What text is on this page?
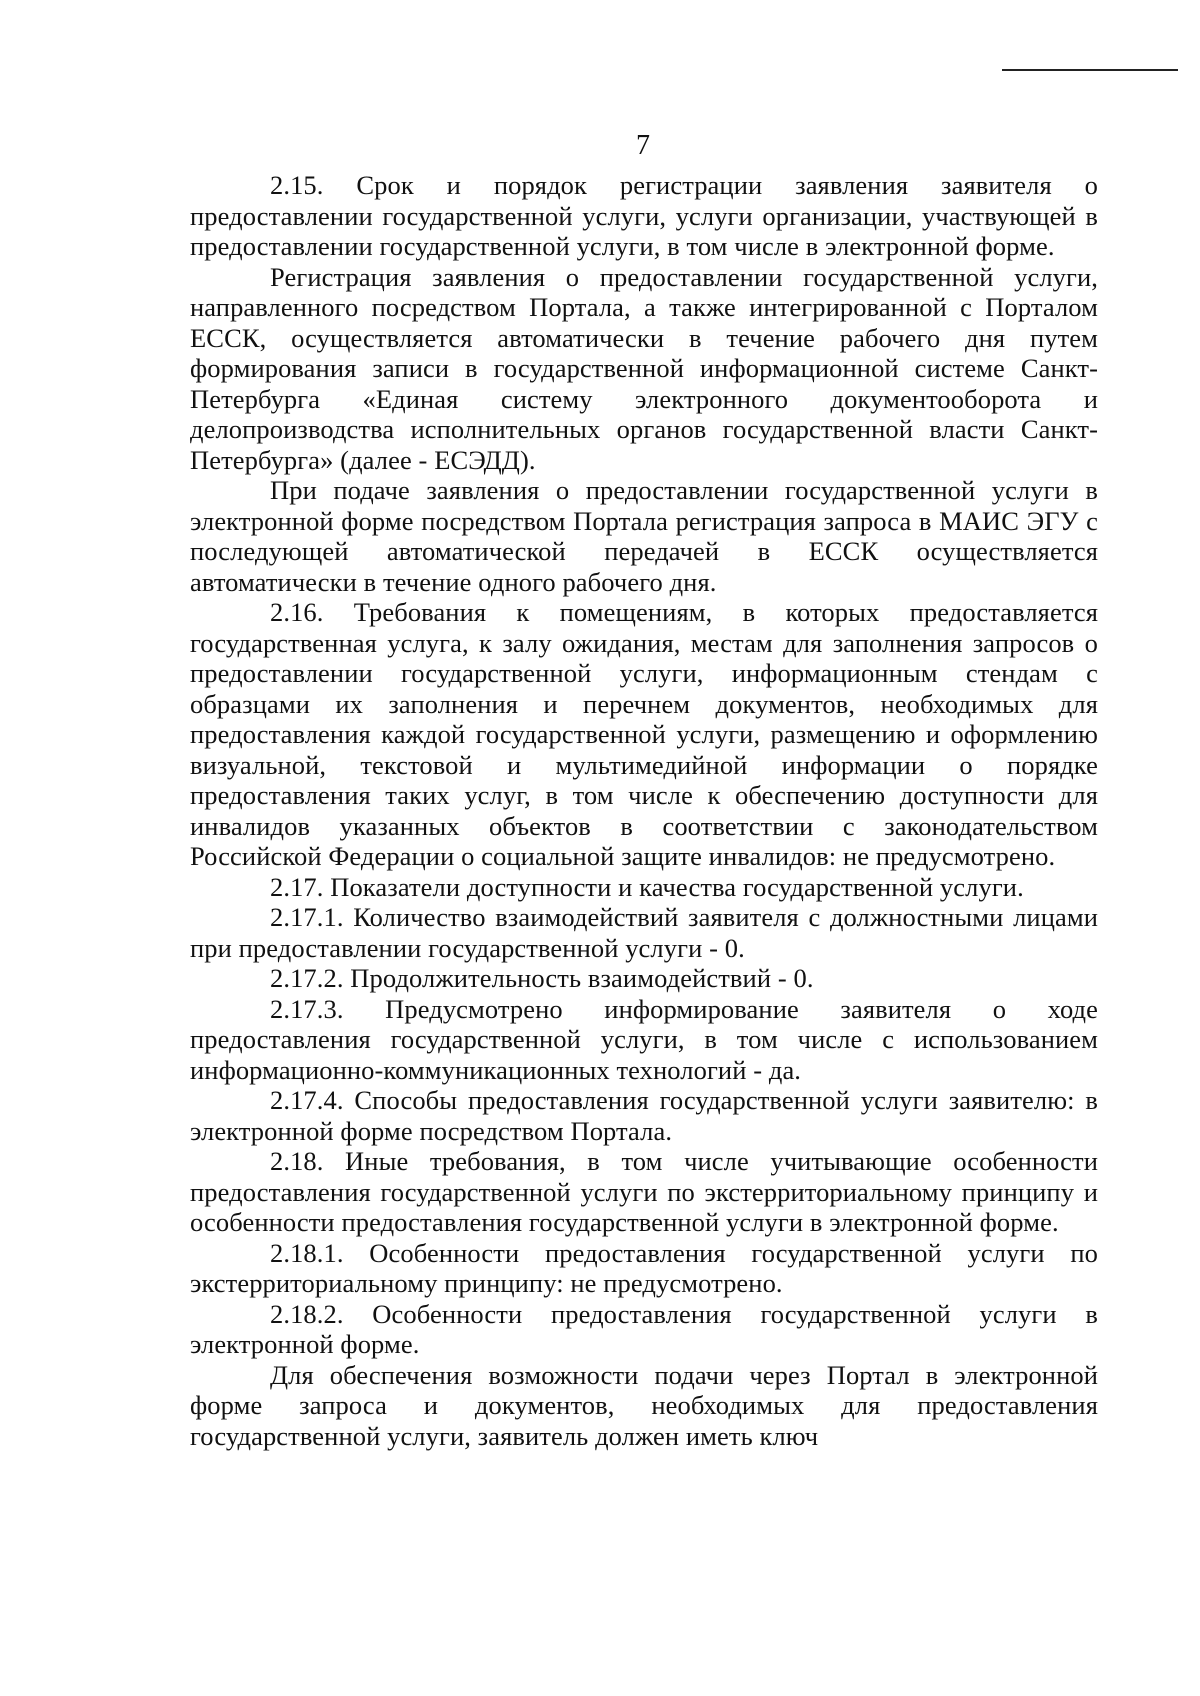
7

2.15. Срок и порядок регистрации заявления заявителя о предоставлении государственной услуги, услуги организации, участвующей в предоставлении государственной услуги, в том числе в электронной форме.

Регистрация заявления о предоставлении государственной услуги, направленного посредством Портала, а также интегрированной с Порталом ЕССК, осуществляется автоматически в течение рабочего дня путем формирования записи в государственной информационной системе Санкт-Петербурга «Единая систему электронного документооборота и делопроизводства исполнительных органов государственной власти Санкт-Петербурга» (далее - ЕСЭДД).

При подаче заявления о предоставлении государственной услуги в электронной форме посредством Портала регистрация запроса в МАИС ЭГУ с последующей автоматической передачей в ЕССК осуществляется автоматически в течение одного рабочего дня.

2.16. Требования к помещениям, в которых предоставляется государственная услуга, к залу ожидания, местам для заполнения запросов о предоставлении государственной услуги, информационным стендам с образцами их заполнения и перечнем документов, необходимых для предоставления каждой государственной услуги, размещению и оформлению визуальной, текстовой и мультимедийной информации о порядке предоставления таких услуг, в том числе к обеспечению доступности для инвалидов указанных объектов в соответствии с законодательством Российской Федерации о социальной защите инвалидов: не предусмотрено.

2.17. Показатели доступности и качества государственной услуги.

2.17.1. Количество взаимодействий заявителя с должностными лицами при предоставлении государственной услуги - 0.

2.17.2. Продолжительность взаимодействий - 0.

2.17.3. Предусмотрено информирование заявителя о ходе предоставления государственной услуги, в том числе с использованием информационно-коммуникационных технологий - да.

2.17.4. Способы предоставления государственной услуги заявителю: в электронной форме посредством Портала.

2.18. Иные требования, в том числе учитывающие особенности предоставления государственной услуги по экстерриториальному принципу и особенности предоставления государственной услуги в электронной форме.

2.18.1. Особенности предоставления государственной услуги по экстерриториальному принципу: не предусмотрено.

2.18.2. Особенности предоставления государственной услуги в электронной форме.

Для обеспечения возможности подачи через Портал в электронной форме запроса и документов, необходимых для предоставления государственной услуги, заявитель должен иметь ключ
